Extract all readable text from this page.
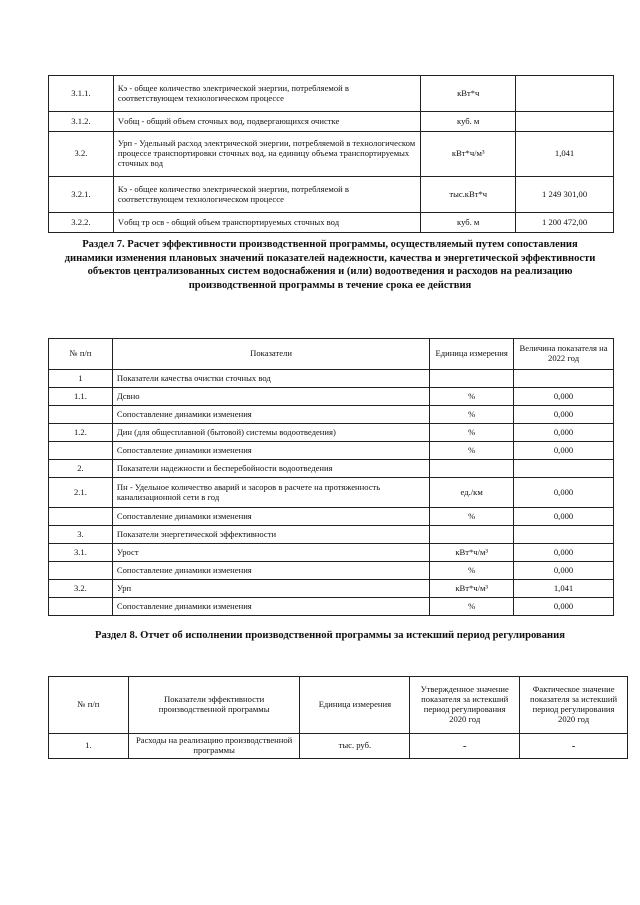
3.1.1.	Кэ - общее количество электрической энергии, потребляемой в соответствующем технологическом процессе	кВт*ч	
3.1.2.	Vобщ - общий объем сточных вод, подвергающихся очистке	куб. м	
3.2.	Урп - Удельный расход электрической энергии, потребляемой в технологическом процессе транспортировки сточных вод, на единицу объема транспортируемых сточных вод	кВт*ч/м³	1,041
3.2.1.	Кэ - общее количество электрической энергии, потребляемой в соответствующем технологическом процессе	тыс.кВт*ч	1 249 301,00
3.2.2.	Vобщ тр осв - общий объем транспортируемых сточных вод	куб. м	1 200 472,00
Раздел 7. Расчет эффективности производственной программы, осуществляемый путем сопоставления динамики изменения плановых значений показателей надежности, качества и энергетической эффективности объектов централизованных систем водоснабжения и (или) водоотведения и расходов на реализацию производственной программы в течение срока ее действия
№ п/п	Показатели	Единица измерения	Величина показателя на 2022 год
1	Показатели качества очистки сточных вод		
1.1.	Дсвно	%	0,000
	Сопоставление динамики изменения	%	0,000
1.2.	Дин (для общесплавной (бытовой) системы водоотведения)	%	0,000
	Сопоставление динамики изменения	%	0,000
2.	Показатели надежности и бесперебойности водоотведения		
2.1.	Пн - Удельное количество аварий и засоров в расчете на протяженность канализационной сети в год	ед./км	0,000
	Сопоставление динамики изменения	%	0,000
3.	Показатели энергетической эффективности		
3.1.	Урост	кВт*ч/м³	0,000
	Сопоставление динамики изменения	%	0,000
3.2.	Урп	кВт*ч/м³	1,041
	Сопоставление динамики изменения	%	0,000
Раздел 8. Отчет об исполнении производственной программы за истекший период регулирования
№ п/п	Показатели эффективности производственной программы	Единица измерения	Утвержденное значение показателя за истекший период регулирования 2020 год	Фактическое значение показателя за истекший период регулирования 2020 год
1.	Расходы на реализацию производственной программы	тыс. руб.	-	-
